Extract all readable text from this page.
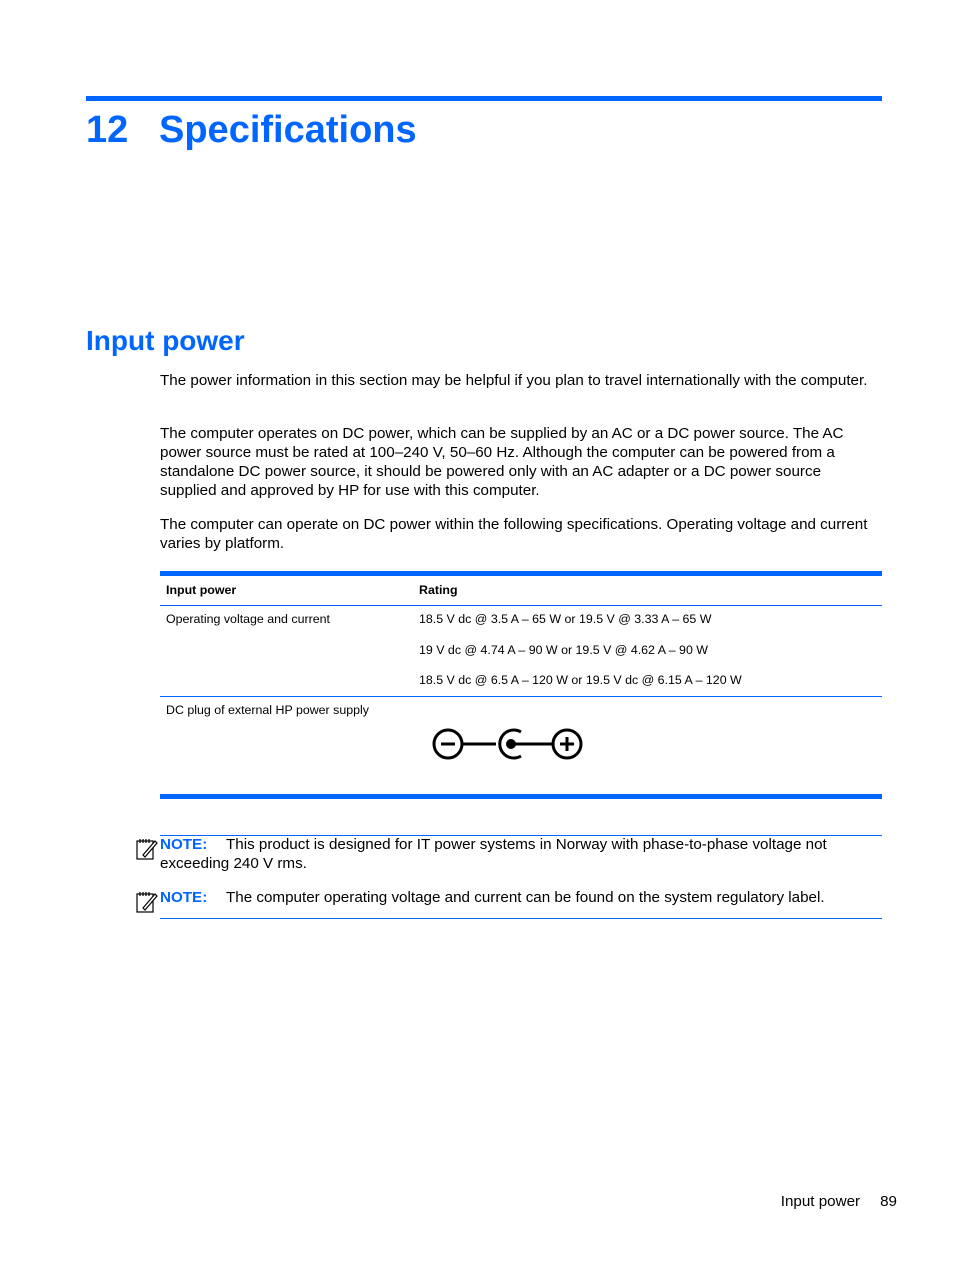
12 Specifications
Input power

The power information in this section may be helpful if you plan to travel internationally with the computer.

The computer operates on DC power, which can be supplied by an AC or a DC power source. The AC power source must be rated at 100–240 V, 50–60 Hz. Although the computer can be powered from a standalone DC power source, it should be powered only with an AC adapter or a DC power source supplied and approved by HP for use with this computer.

The computer can operate on DC power within the following specifications. Operating voltage and current varies by platform.

Input power	Rating
Operating voltage and current	18.5 V dc @ 3.5 A – 65 W or 19.5 V @ 3.33 A – 65 W
19 V dc @ 4.74 A – 90 W or 19.5 V @ 4.62 A – 90 W
18.5 V dc @ 6.5 A – 120 W or 19.5 V dc @ 6.15 A – 120 W
DC plug of external HP power supply

NOTE: This product is designed for IT power systems in Norway with phase-to-phase voltage not exceeding 240 V rms.

NOTE: The computer operating voltage and current can be found on the system regulatory label.

Input power 89
